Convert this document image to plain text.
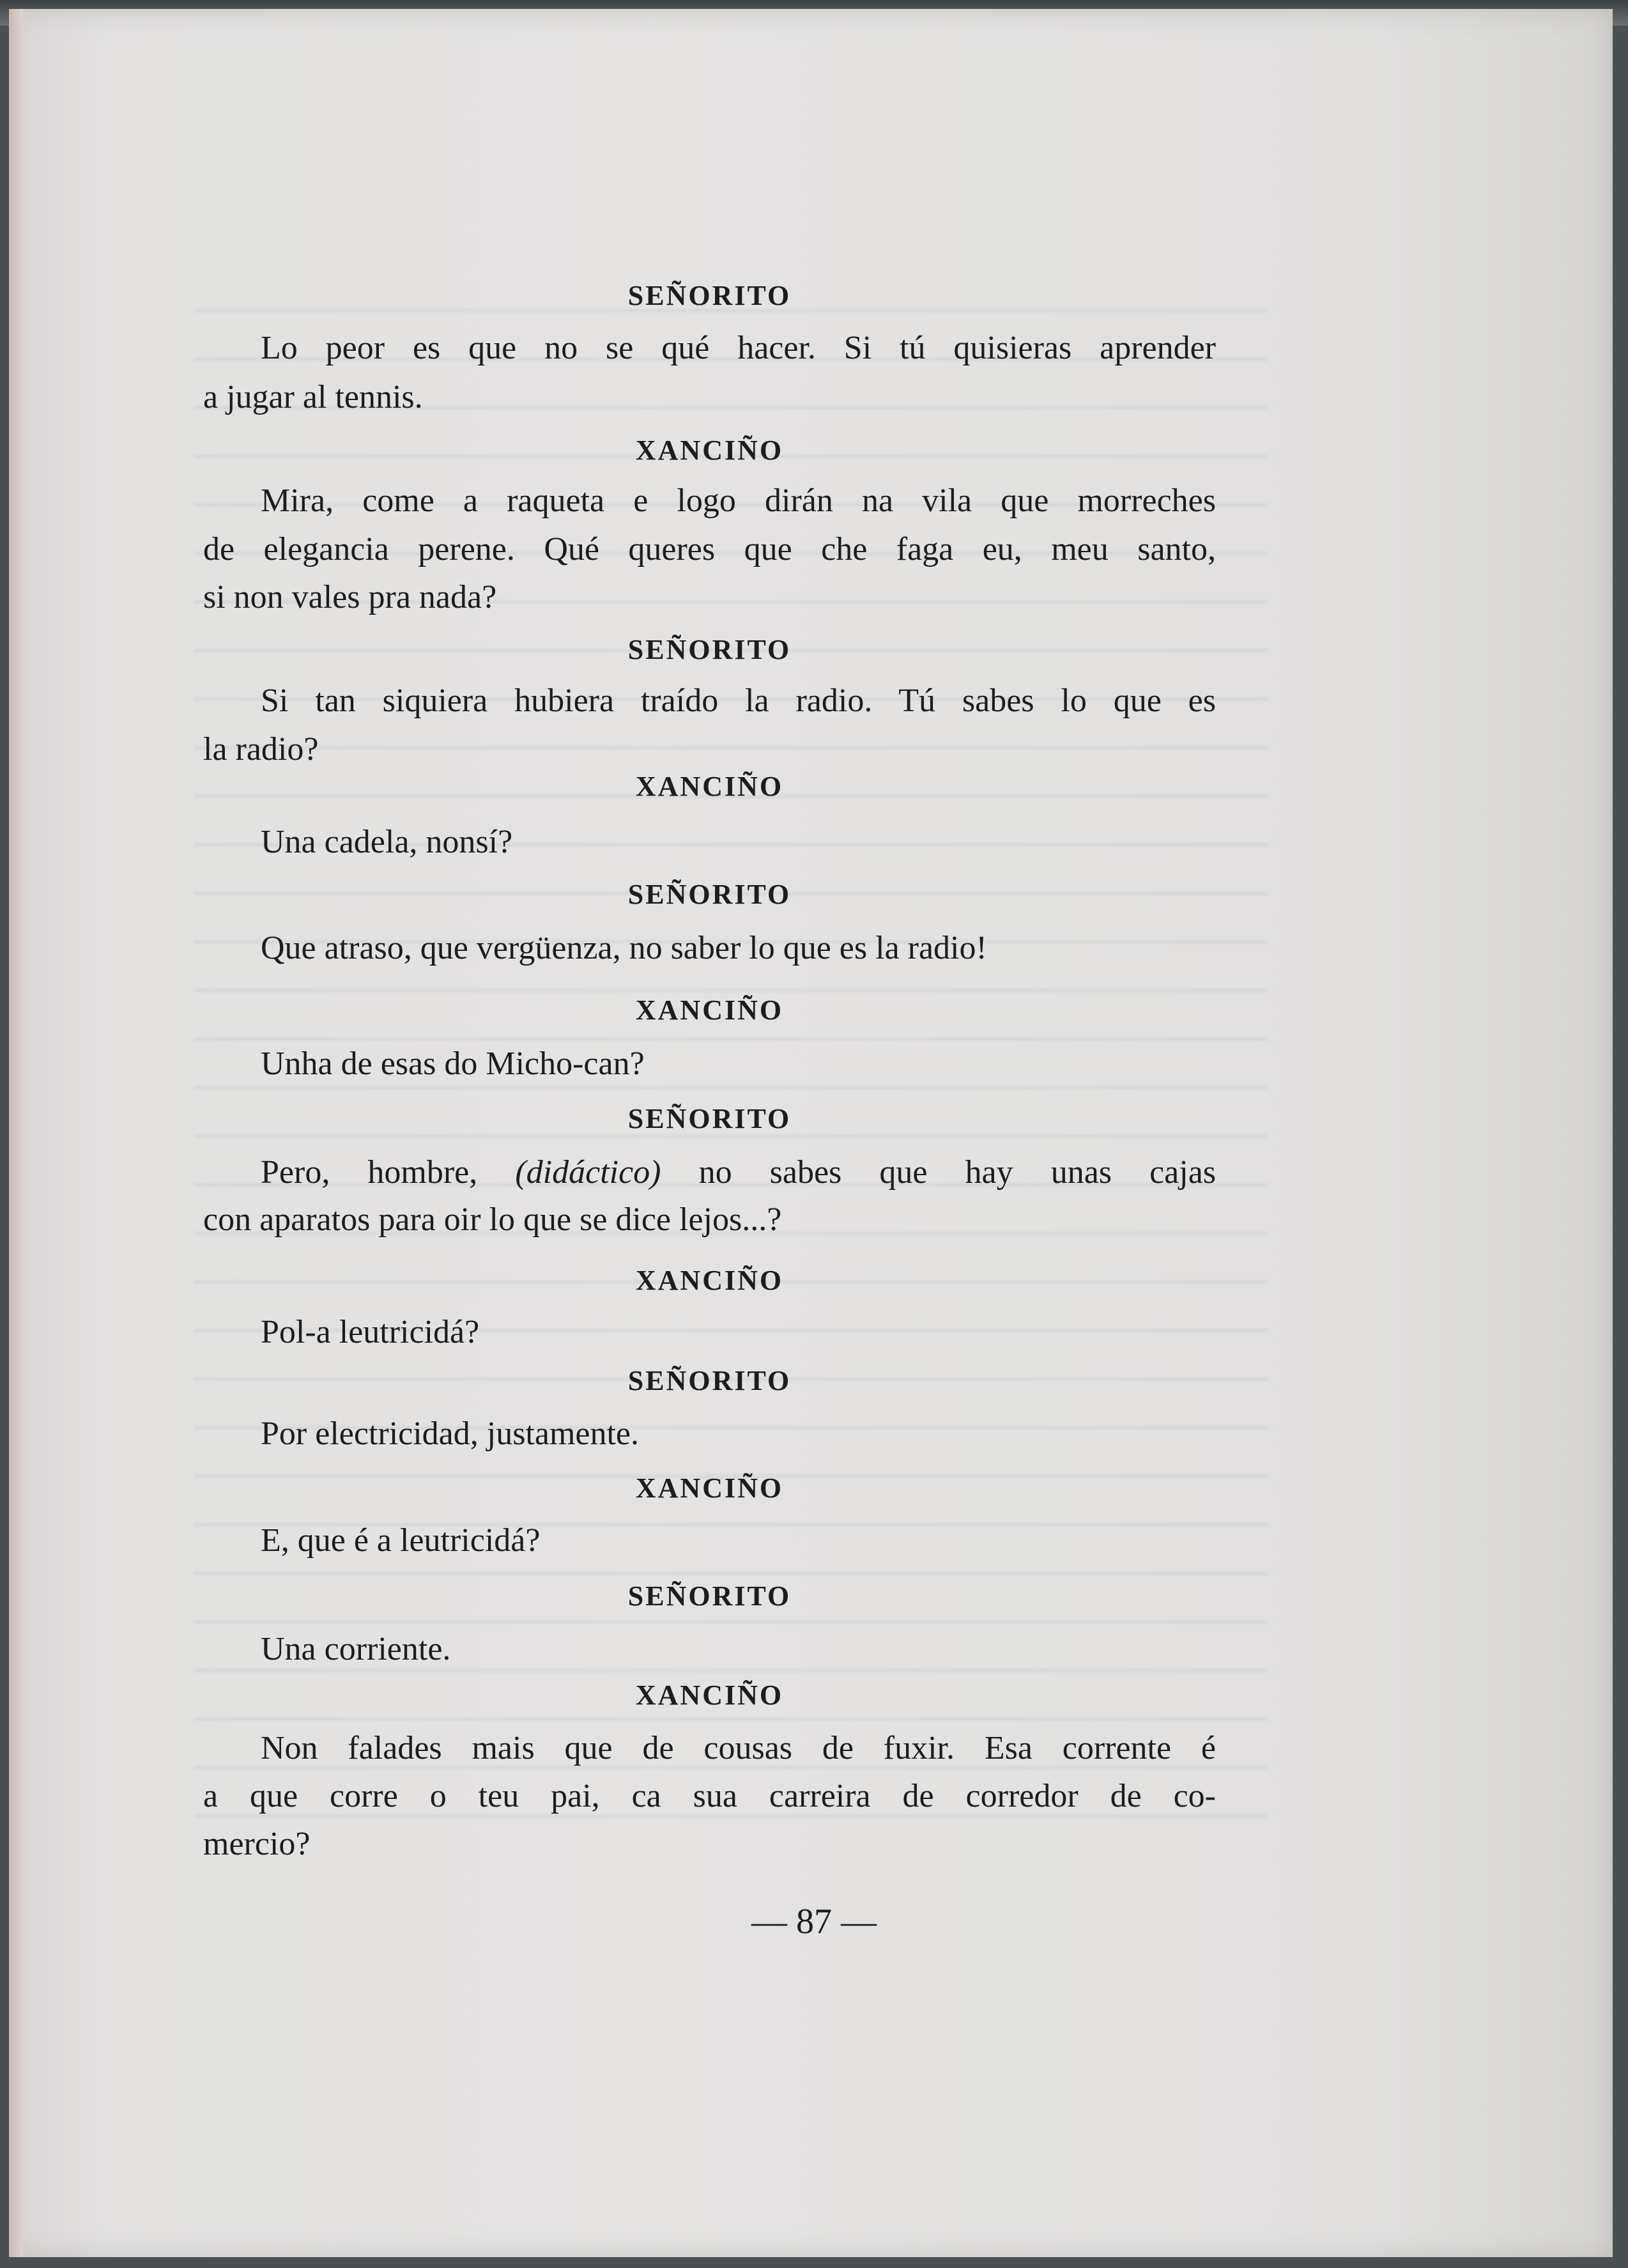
SEÑORITO
Lo peor es que no se qué hacer. Si tú quisieras aprender
a jugar al tennis.
XANCIÑO
Mira, come a raqueta e logo dirán na vila que morreches
de elegancia perene. Qué queres que che faga eu, meu santo,
si non vales pra nada?
SEÑORITO
Si tan siquiera hubiera traído la radio. Tú sabes lo que es
la radio?
XANCIÑO
Una cadela, nonsí?
SEÑORITO
Que atraso, que vergüenza, no saber lo que es la radio!
XANCIÑO
Unha de esas do Micho-can?
SEÑORITO
Pero, hombre, (didáctico) no sabes que hay unas cajas
con aparatos para oir lo que se dice lejos...?
XANCIÑO
Pol-a leutricidá?
SEÑORITO
Por electricidad, justamente.
XANCIÑO
E, que é a leutricidá?
SEÑORITO
Una corriente.
XANCIÑO
Non falades mais que de cousas de fuxir. Esa corrente é
a que corre o teu pai, ca sua carreira de corredor de co-
mercio?
— 87 —
